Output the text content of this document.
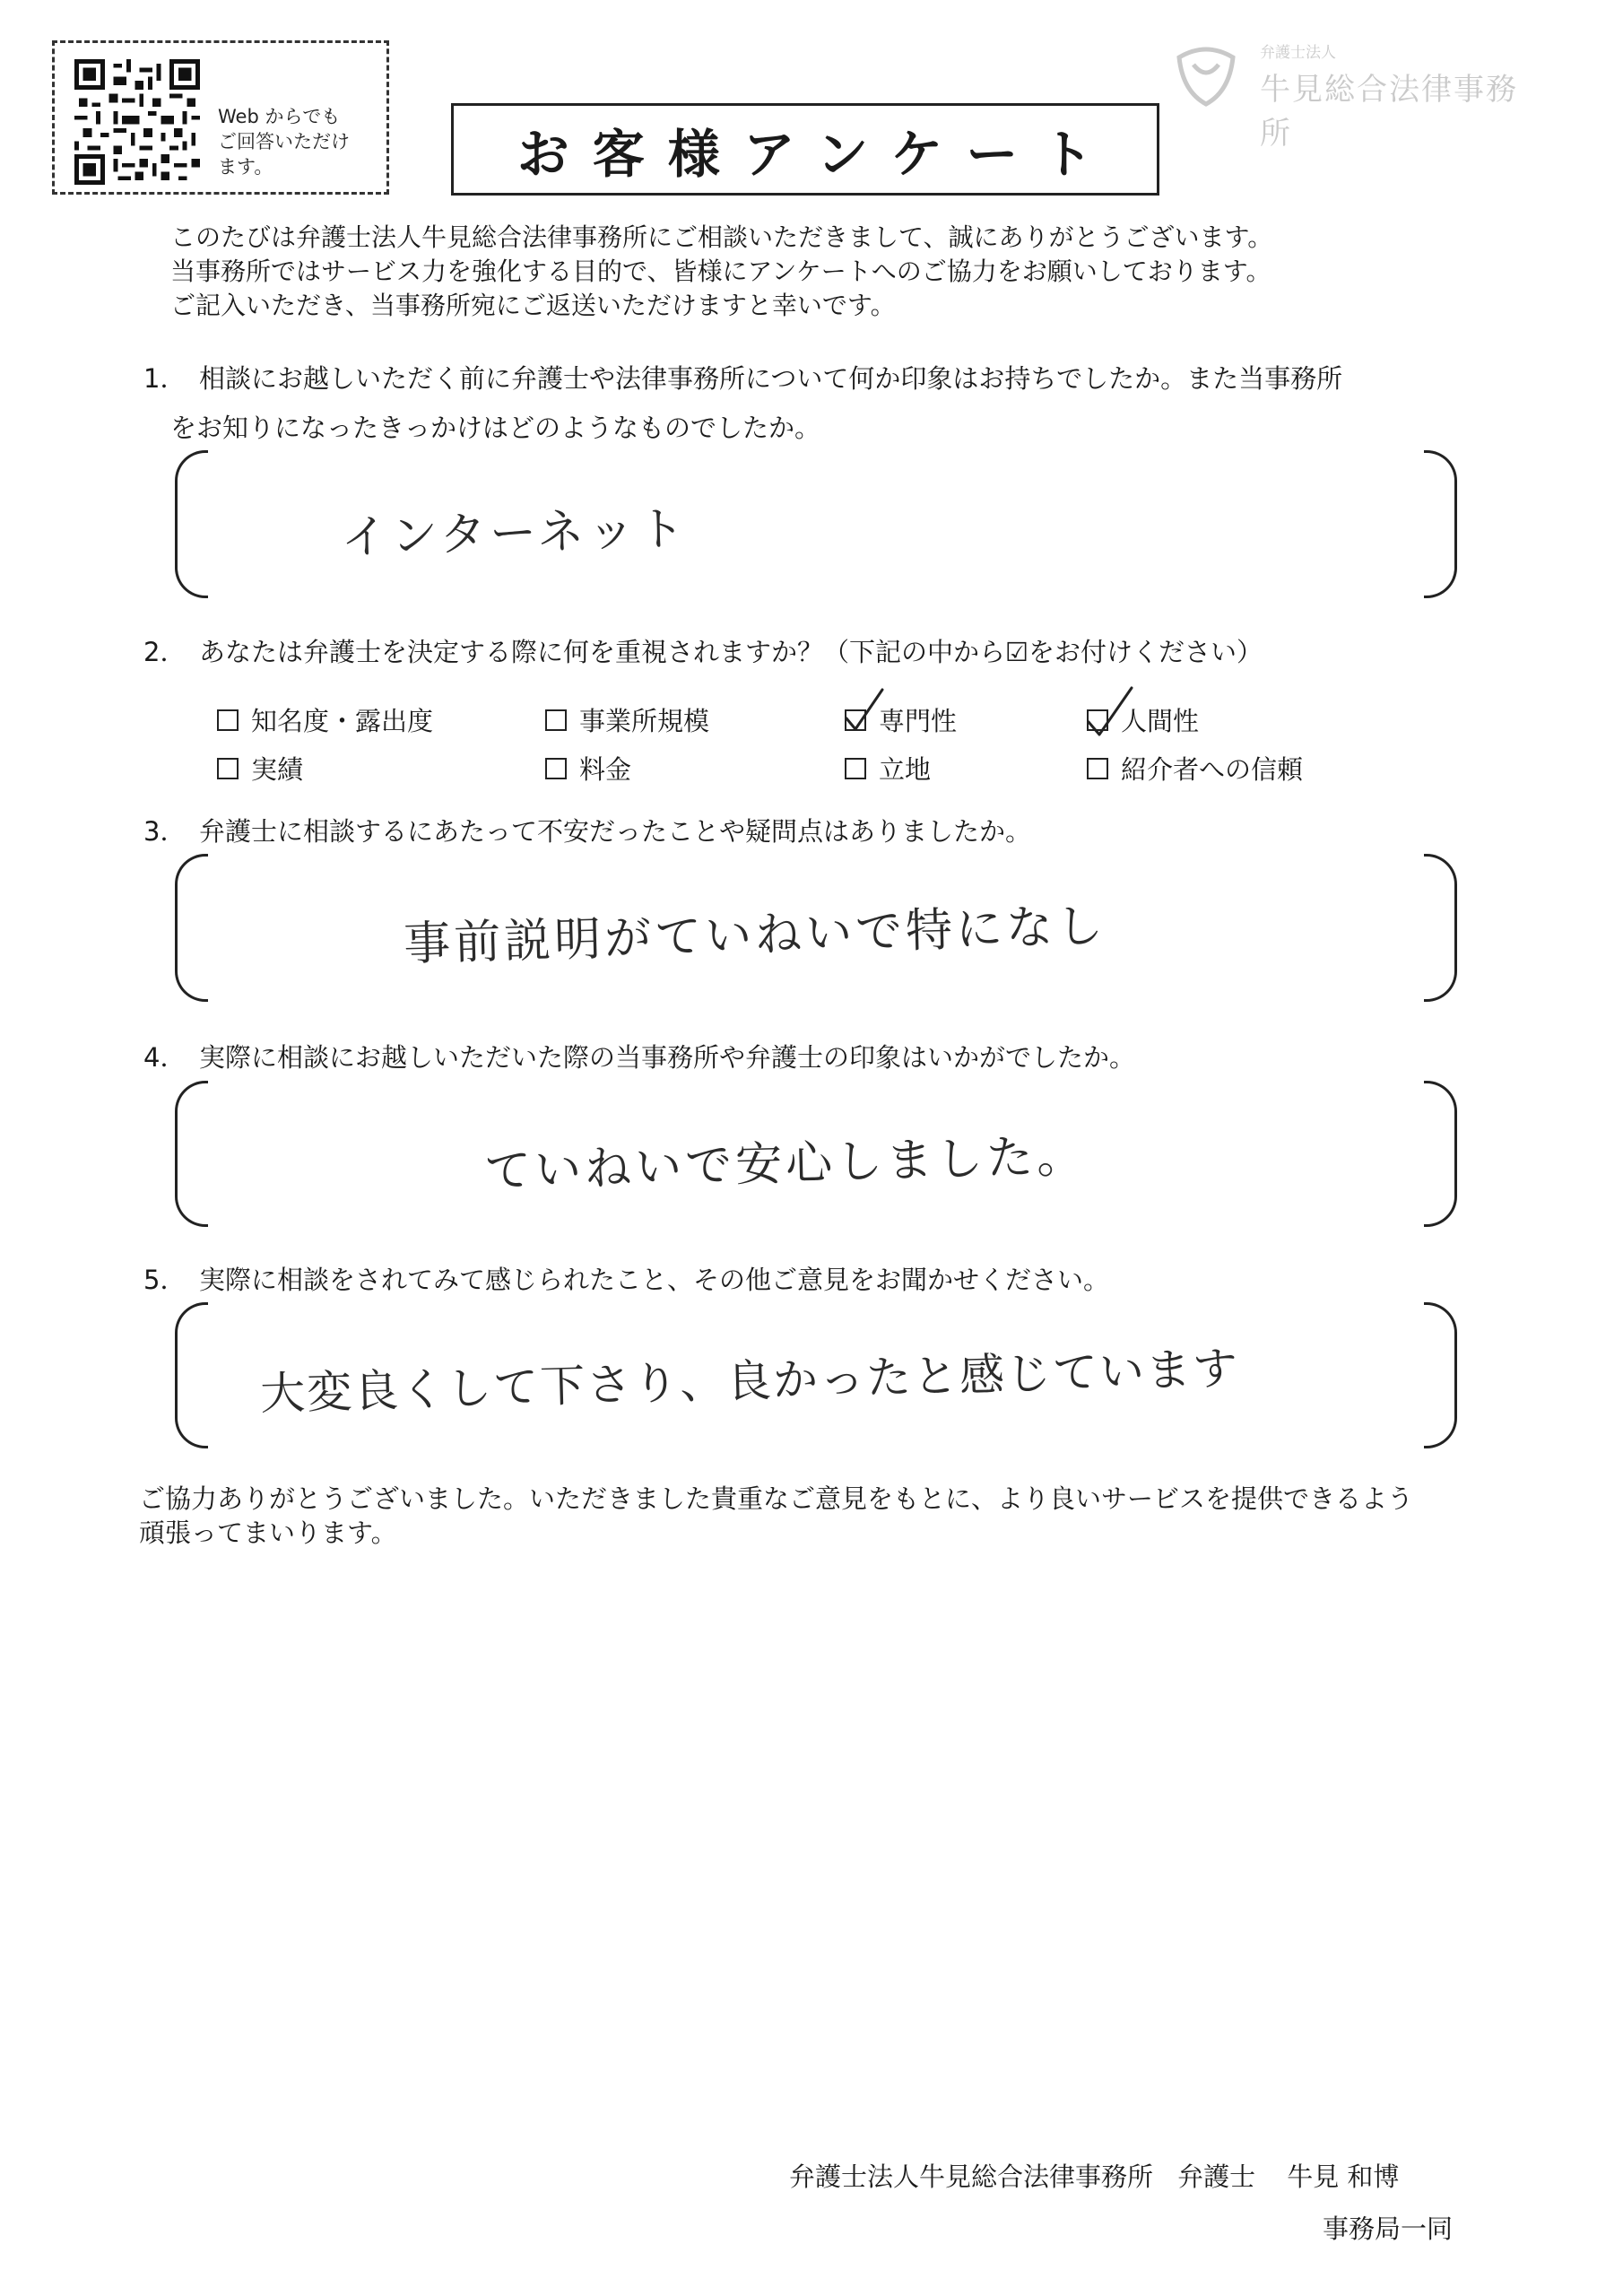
Web からでも
ご回答いただけ
ます。
弁護士法人
牛見総合法律事務所
お客様アンケート
このたびは弁護士法人牛見総合法律事務所にご相談いただきまして、誠にありがとうございます。
当事務所ではサービス力を強化する目的で、皆様にアンケートへのご協力をお願いしております。
ご記入いただき、当事務所宛にご返送いただけますと幸いです。
1． 相談にお越しいただく前に弁護士や法律事務所について何か印象はお持ちでしたか。また当事務所
をお知りになったきっかけはどのようなものでしたか。
インターネット
2． あなたは弁護士を決定する際に何を重視されますか？（下記の中から☑をお付けください）
知名度・露出度	事業所規模	専門性	人間性
実績	料金	立地	紹介者への信頼
3． 弁護士に相談するにあたって不安だったことや疑問点はありましたか。
事前説明がていねいで特になし
4． 実際に相談にお越しいただいた際の当事務所や弁護士の印象はいかがでしたか。
ていねいで安心しました。
5． 実際に相談をされてみて感じられたこと、その他ご意見をお聞かせください。
大変良くして下さり、良かったと感じています
ご協力ありがとうございました。いただきました貴重なご意見をもとに、より良いサービスを提供できるよう
頑張ってまいります。
弁護士法人牛見総合法律事務所 弁護士 牛見 和博
事務局一同
